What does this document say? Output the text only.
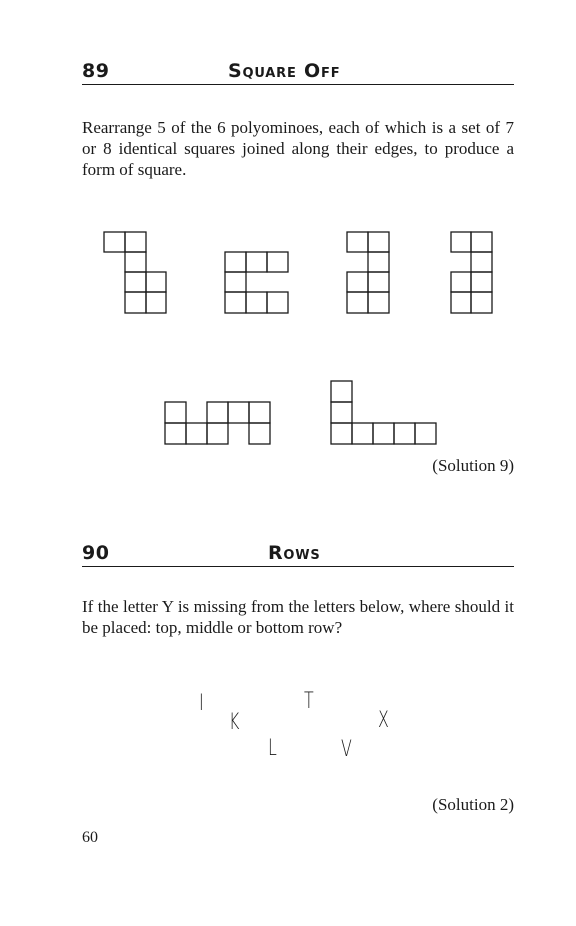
89	Square Off

Rearrange 5 of the 6 polyominoes, each of which is a set of 7 or 8 identical squares joined along their edges, to produce a form of square.

(Solution 9)

90	Rows

If the letter Y is missing from the letters below, where should it be placed: top, middle or bottom row?

I	T
K	X
L	V

(Solution 2)

60
